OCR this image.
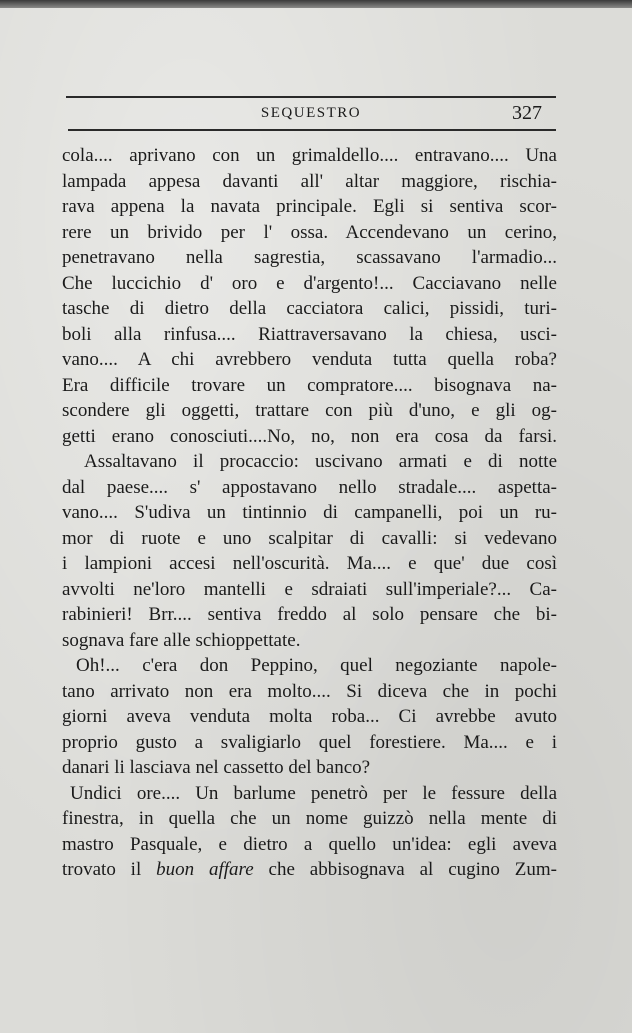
SEQUESTRO	327
cola.... aprivano con un grimaldello.... entravano.... Una
lampada appesa davanti all' altar maggiore, rischia-
rava appena la navata principale. Egli si sentiva scor-
rere un brivido per l' ossa. Accendevano un cerino,
penetravano nella sagrestia, scassavano l'armadio...
Che luccichio d' oro e d'argento!... Cacciavano nelle
tasche di dietro della cacciatora calici, pissidi, turi-
boli alla rinfusa.... Riattraversavano la chiesa, usci-
vano.... A chi avrebbero venduta tutta quella roba?
Era difficile trovare un compratore.... bisognava na-
scondere gli oggetti, trattare con più d'uno, e gli og-
getti erano conosciuti....No, no, non era cosa da farsi.
Assaltavano il procaccio: uscivano armati e di notte
dal paese.... s' appostavano nello stradale.... aspetta-
vano.... S'udiva un tintinnio di campanelli, poi un ru-
mor di ruote e uno scalpitar di cavalli: si vedevano
i lampioni accesi nell'oscurità. Ma.... e que' due così
avvolti ne'loro mantelli e sdraiati sull'imperiale?... Ca-
rabinieri! Brr.... sentiva freddo al solo pensare che bi-
sognava fare alle schioppettate.
Oh!... c'era don Peppino, quel negoziante napole-
tano arrivato non era molto.... Si diceva che in pochi
giorni aveva venduta molta roba... Ci avrebbe avuto
proprio gusto a svaligiarlo quel forestiere. Ma.... e i
danari li lasciava nel cassetto del banco?
Undici ore.... Un barlume penetrò per le fessure della
finestra, in quella che un nome guizzò nella mente di
mastro Pasquale, e dietro a quello un'idea: egli aveva
trovato il buon affare che abbisognava al cugino Zum-
